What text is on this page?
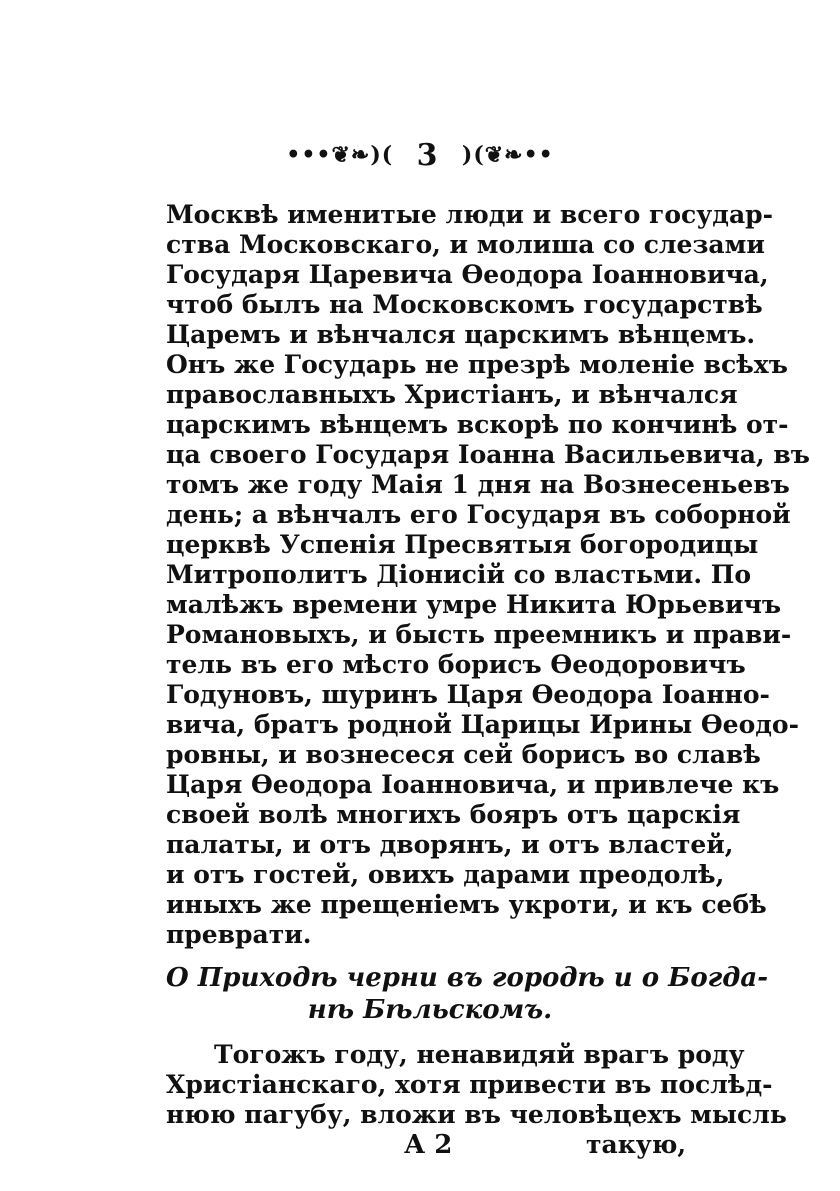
•••❦❧)( 3 )(❦❧••
Москвѣ именитые люди и всего государ-
ства Московскаго, и молиша со слезами
Государя Царевича Ѳеодора Іоанновича,
чтоб былъ на Московскомъ государствѣ
Царемъ и вѣнчался царскимъ вѣнцемъ.
Онъ же Государь не презрѣ моленіе всѣхъ
православныхъ Христіанъ, и вѣнчался
царскимъ вѣнцемъ вскорѣ по кончинѣ от-
ца своего Государя Іоанна Васильевича, въ
томъ же году Маія 1 дня на Вознесеньевъ
день; а вѣнчалъ его Государя въ соборной
церквѣ Успенія Пресвятыя богородицы
Митрополитъ Діонисій со властьми. По
малѣжъ времени умре Никита Юрьевичъ
Романовыхъ, и бысть преемникъ и прави-
тель въ его мѣсто борисъ Ѳеодоровичъ
Годуновъ, шуринъ Царя Ѳеодора Іоанно-
вича, братъ родной Царицы Ирины Ѳеодо-
ровны, и вознесеся сей борисъ во славѣ
Царя Ѳеодора Іоанновича, и привлече къ
своей волѣ многихъ бояръ отъ царскія
палаты, и отъ дворянъ, и отъ властей,
и отъ гостей, овихъ дарами преодолѣ,
иныхъ же прещеніемъ укроти, и къ себѣ
преврати.
О Приходѣ черни въ городѣ и о Богда-
нѣ Бѣльскомъ.
Тогожъ году, ненавидяй врагъ роду
Христіанскаго, хотя привести въ послѣд-
нюю пагубу, вложи въ человѣцехъ мысль
А 2	такую,
